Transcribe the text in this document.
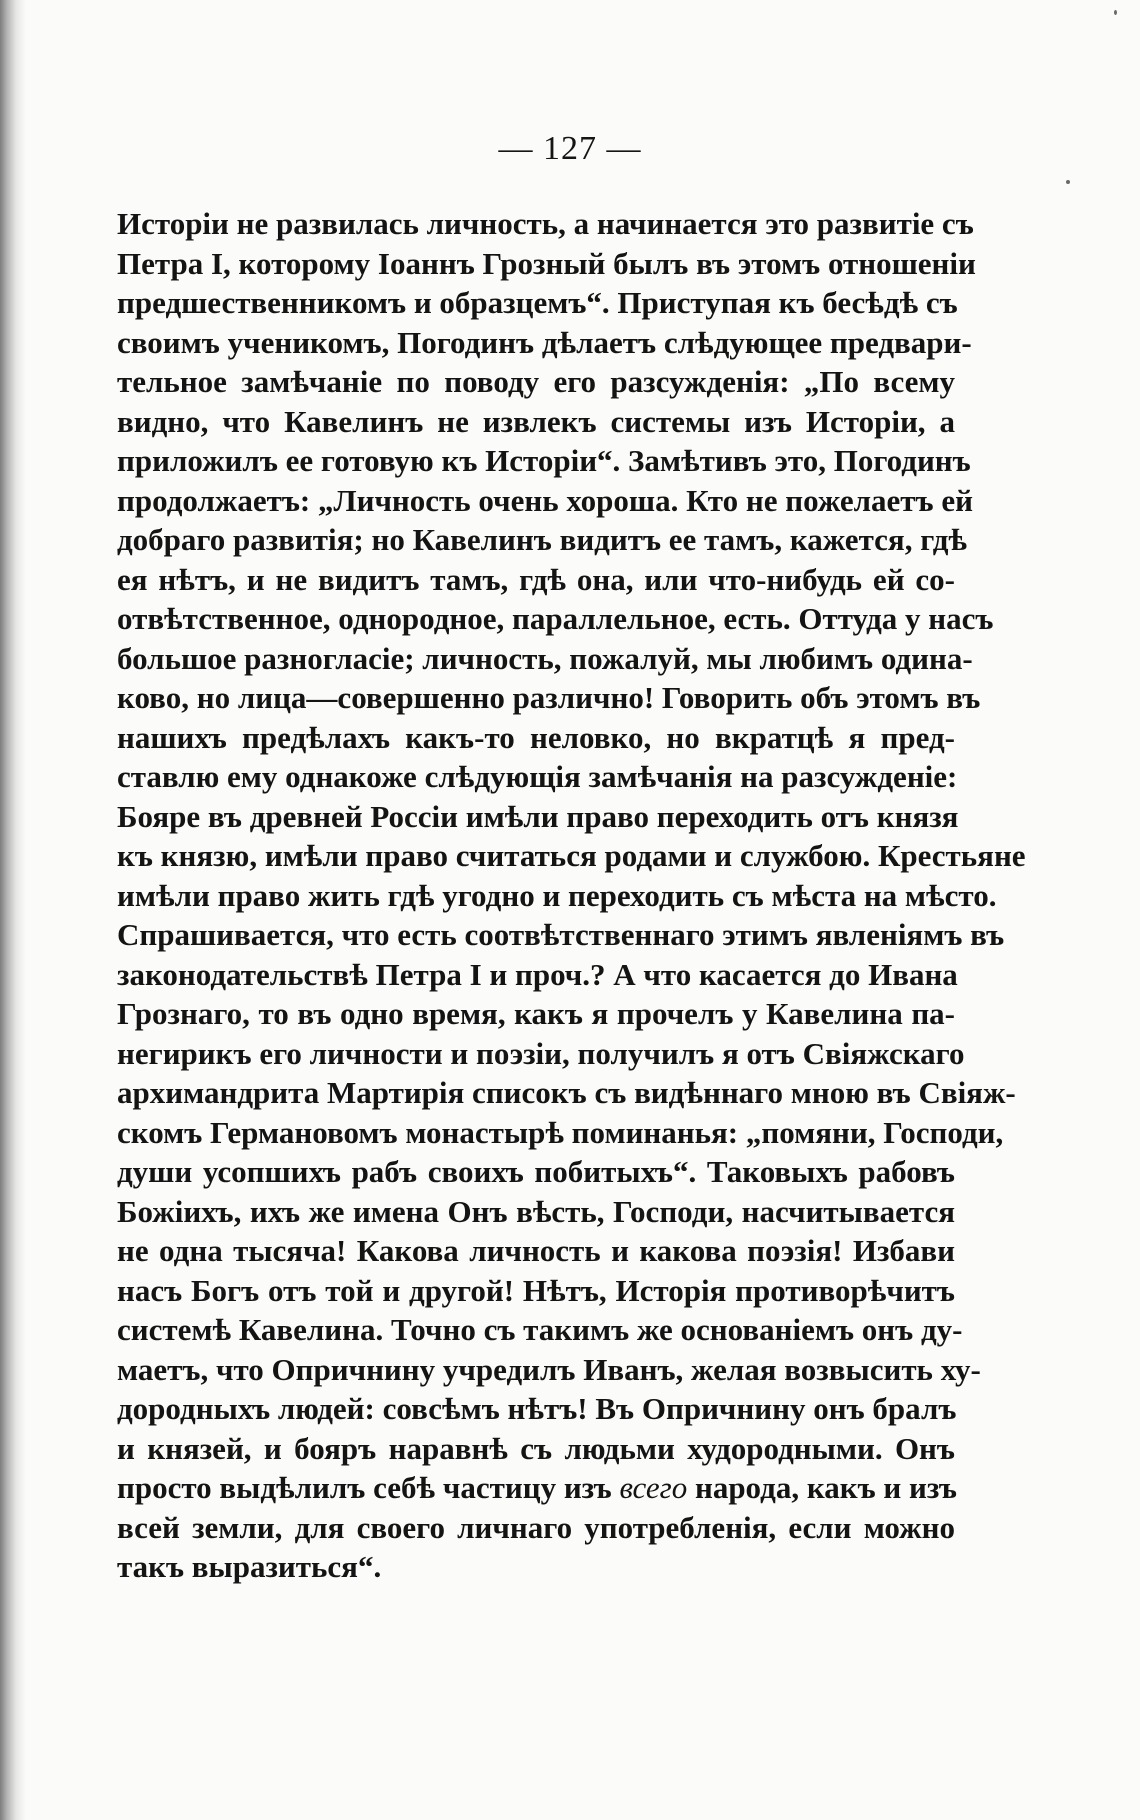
— 127 —
Исторіи не развилась личность, а начинается это развитіе съ
Петра I, которому Іоаннъ Грозный былъ въ этомъ отношеніи
предшественникомъ и образцемъ“. Приступая къ бесѣдѣ съ
своимъ ученикомъ, Погодинъ дѣлаетъ слѣдующее предвари-
тельное замѣчаніе по поводу его разсужденія: „По всему
видно, что Кавелинъ не извлекъ системы изъ Исторіи, а
приложилъ ее готовую къ Исторіи“. Замѣтивъ это, Погодинъ
продолжаетъ: „Личность очень хороша. Кто не пожелаетъ ей
добраго развитія; но Кавелинъ видитъ ее тамъ, кажется, гдѣ
ея нѣтъ, и не видитъ тамъ, гдѣ она, или что-нибудь ей со-
отвѣтственное, однородное, параллельное, есть. Оттуда у насъ
большое разногласіе; личность, пожалуй, мы любимъ одина-
ково, но лица—совершенно различно! Говорить объ этомъ въ
нашихъ предѣлахъ какъ-то неловко, но вкратцѣ я пред-
ставлю ему однакоже слѣдующія замѣчанія на разсужденіе:
Бояре въ древней Россіи имѣли право переходить отъ князя
къ князю, имѣли право считаться родами и службою. Крестьяне
имѣли право жить гдѣ угодно и переходить съ мѣста на мѣсто.
Спрашивается, что есть соотвѣтственнаго этимъ явленіямъ въ
законодательствѣ Петра I и проч.? А что касается до Ивана
Грознаго, то въ одно время, какъ я прочелъ у Кавелина па-
негирикъ его личности и поэзіи, получилъ я отъ Свіяжскаго
архимандрита Мартирія списокъ съ видѣннаго мною въ Свіяж-
скомъ Германовомъ монастырѣ поминанья: „помяни, Господи,
души усопшихъ рабъ своихъ побитыхъ“. Таковыхъ рабовъ
Божіихъ, ихъ же имена Онъ вѣсть, Господи, насчитывается
не одна тысяча! Какова личность и какова поэзія! Избави
насъ Богъ отъ той и другой! Нѣтъ, Исторія противорѣчитъ
системѣ Кавелина. Точно съ такимъ же основаніемъ онъ ду-
маетъ, что Опричнину учредилъ Иванъ, желая возвысить ху-
дородныхъ людей: совсѣмъ нѣтъ! Въ Опричнину онъ бралъ
и князей, и бояръ наравнѣ съ людьми худородными. Онъ
просто выдѣлилъ себѣ частицу изъ всего народа, какъ и изъ
всей земли, для своего личнаго употребленія, если можно
такъ выразиться“.
